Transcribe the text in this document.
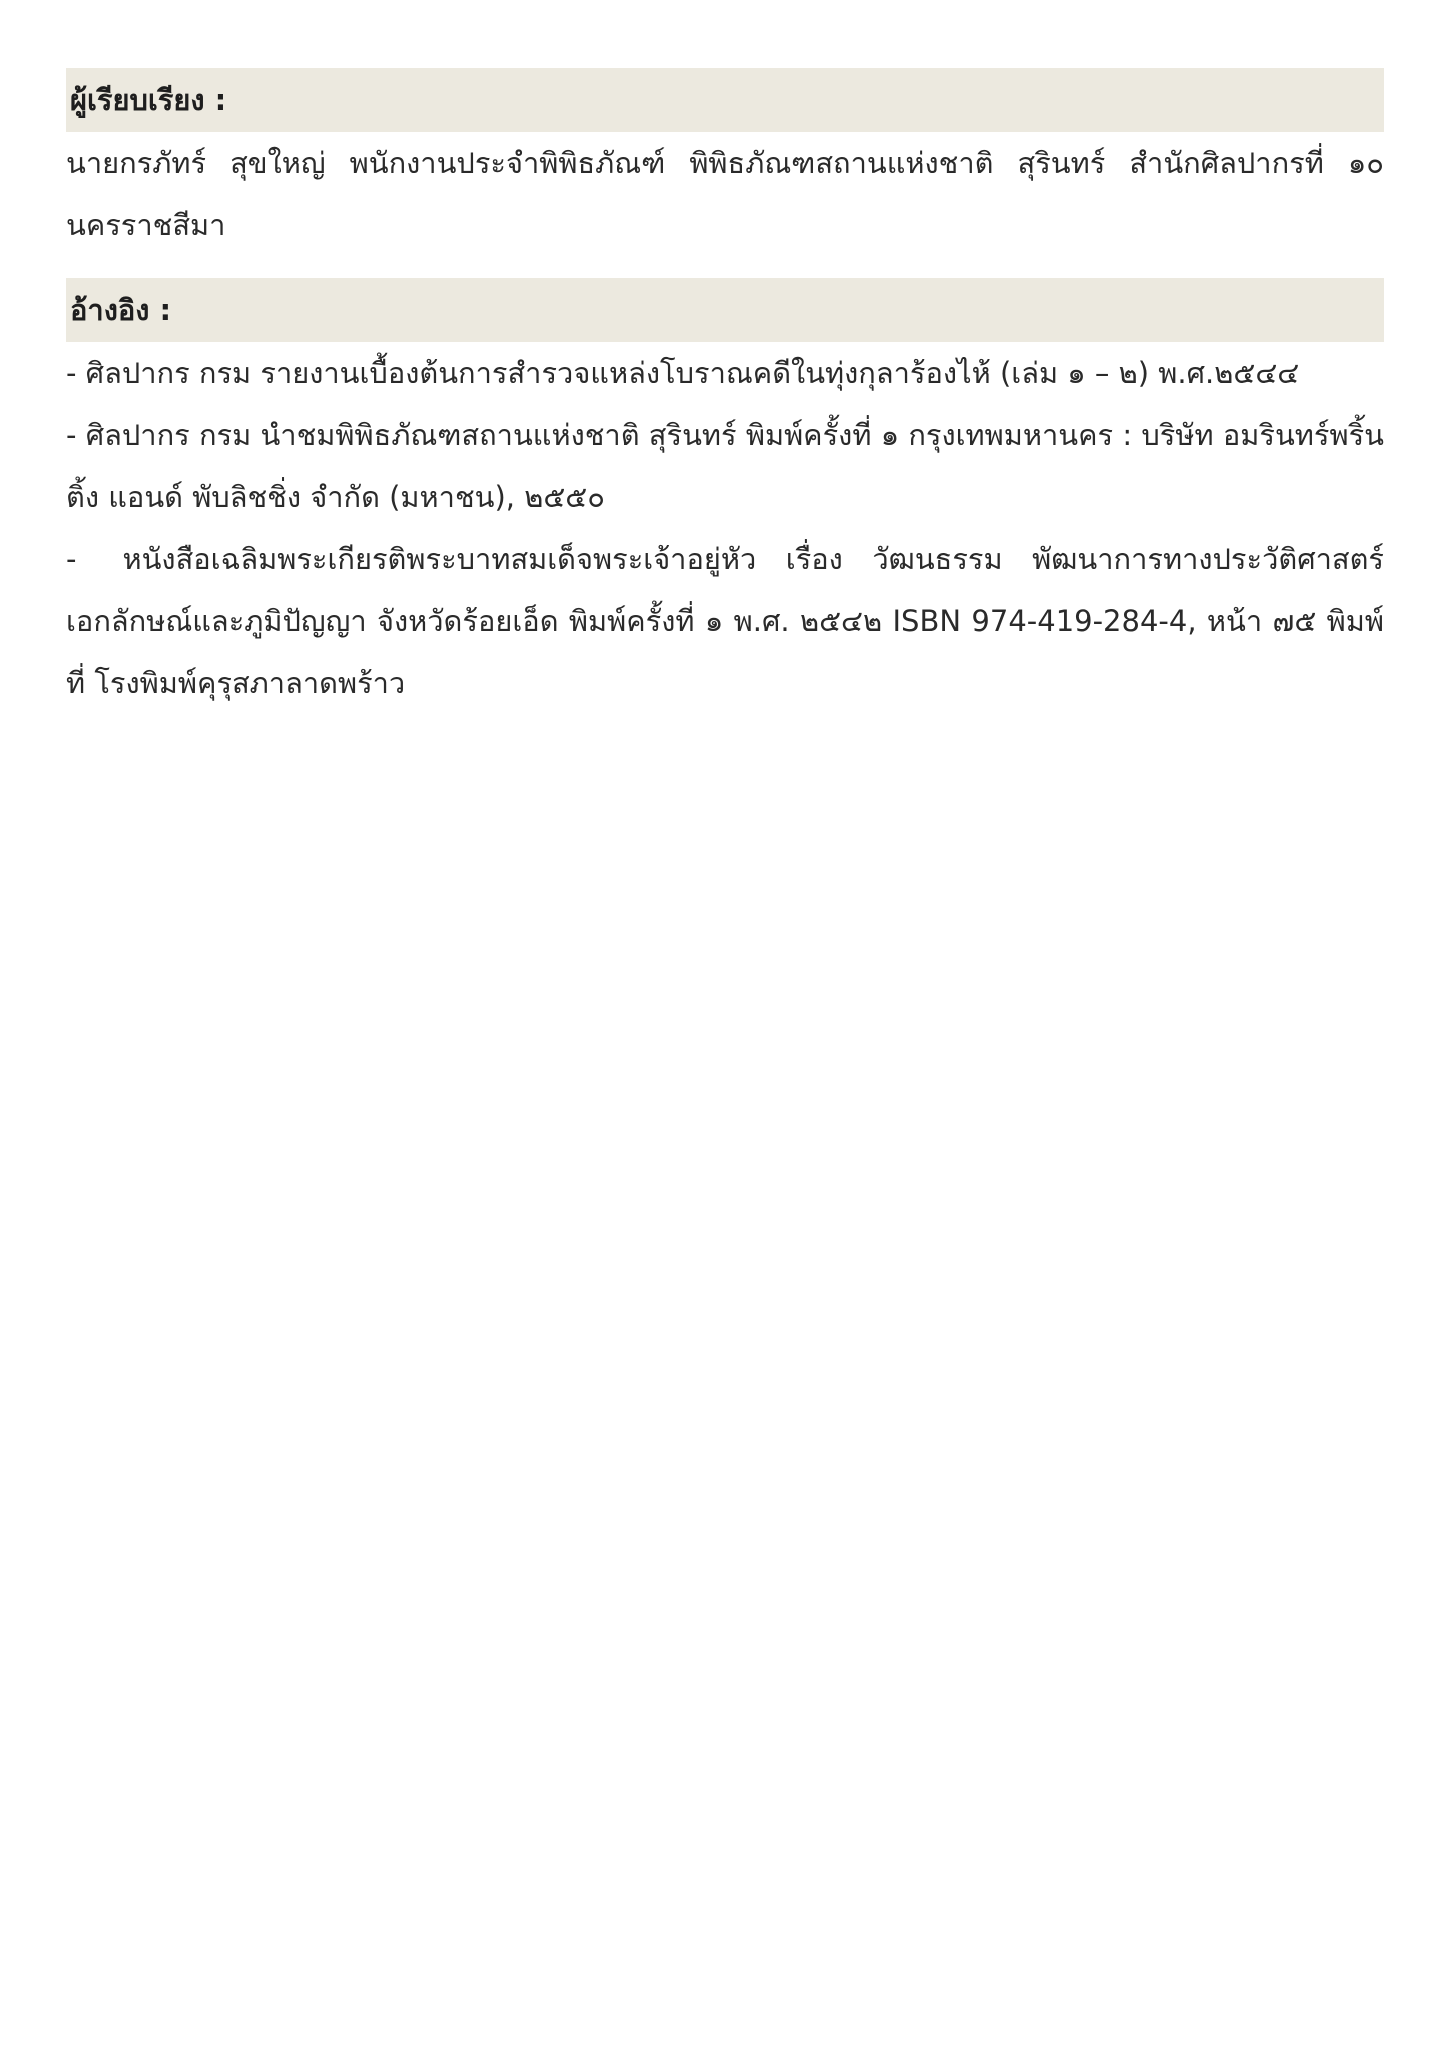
ผู้เรียบเรียง :
นายกรภัทร์ สุขใหญ่ พนักงานประจำพิพิธภัณฑ์ พิพิธภัณฑสถานแห่งชาติ สุรินทร์ สำนักศิลปากรที่ ๑๐ นครราชสีมา
อ้างอิง :
- ศิลปากร กรม รายงานเบื้องต้นการสำรวจแหล่งโบราณคดีในทุ่งกุลาร้องไห้ (เล่ม ๑ – ๒) พ.ศ.๒๕๔๔
- ศิลปากร กรม นำชมพิพิธภัณฑสถานแห่งชาติ สุรินทร์ พิมพ์ครั้งที่ ๑ กรุงเทพมหานคร : บริษัท อมรินทร์พริ้นติ้ง แอนด์ พับลิชชิ่ง จำกัด (มหาชน), ๒๕๕๐
- หนังสือเฉลิมพระเกียรติพระบาทสมเด็จพระเจ้าอยู่หัว เรื่อง วัฒนธรรม พัฒนาการทางประวัติศาสตร์ เอกลักษณ์และภูมิปัญญา จังหวัดร้อยเอ็ด พิมพ์ครั้งที่ ๑ พ.ศ. ๒๕๔๒ ISBN 974-419-284-4, หน้า ๗๕ พิมพ์ที่ โรงพิมพ์คุรุสภาลาดพร้าว
